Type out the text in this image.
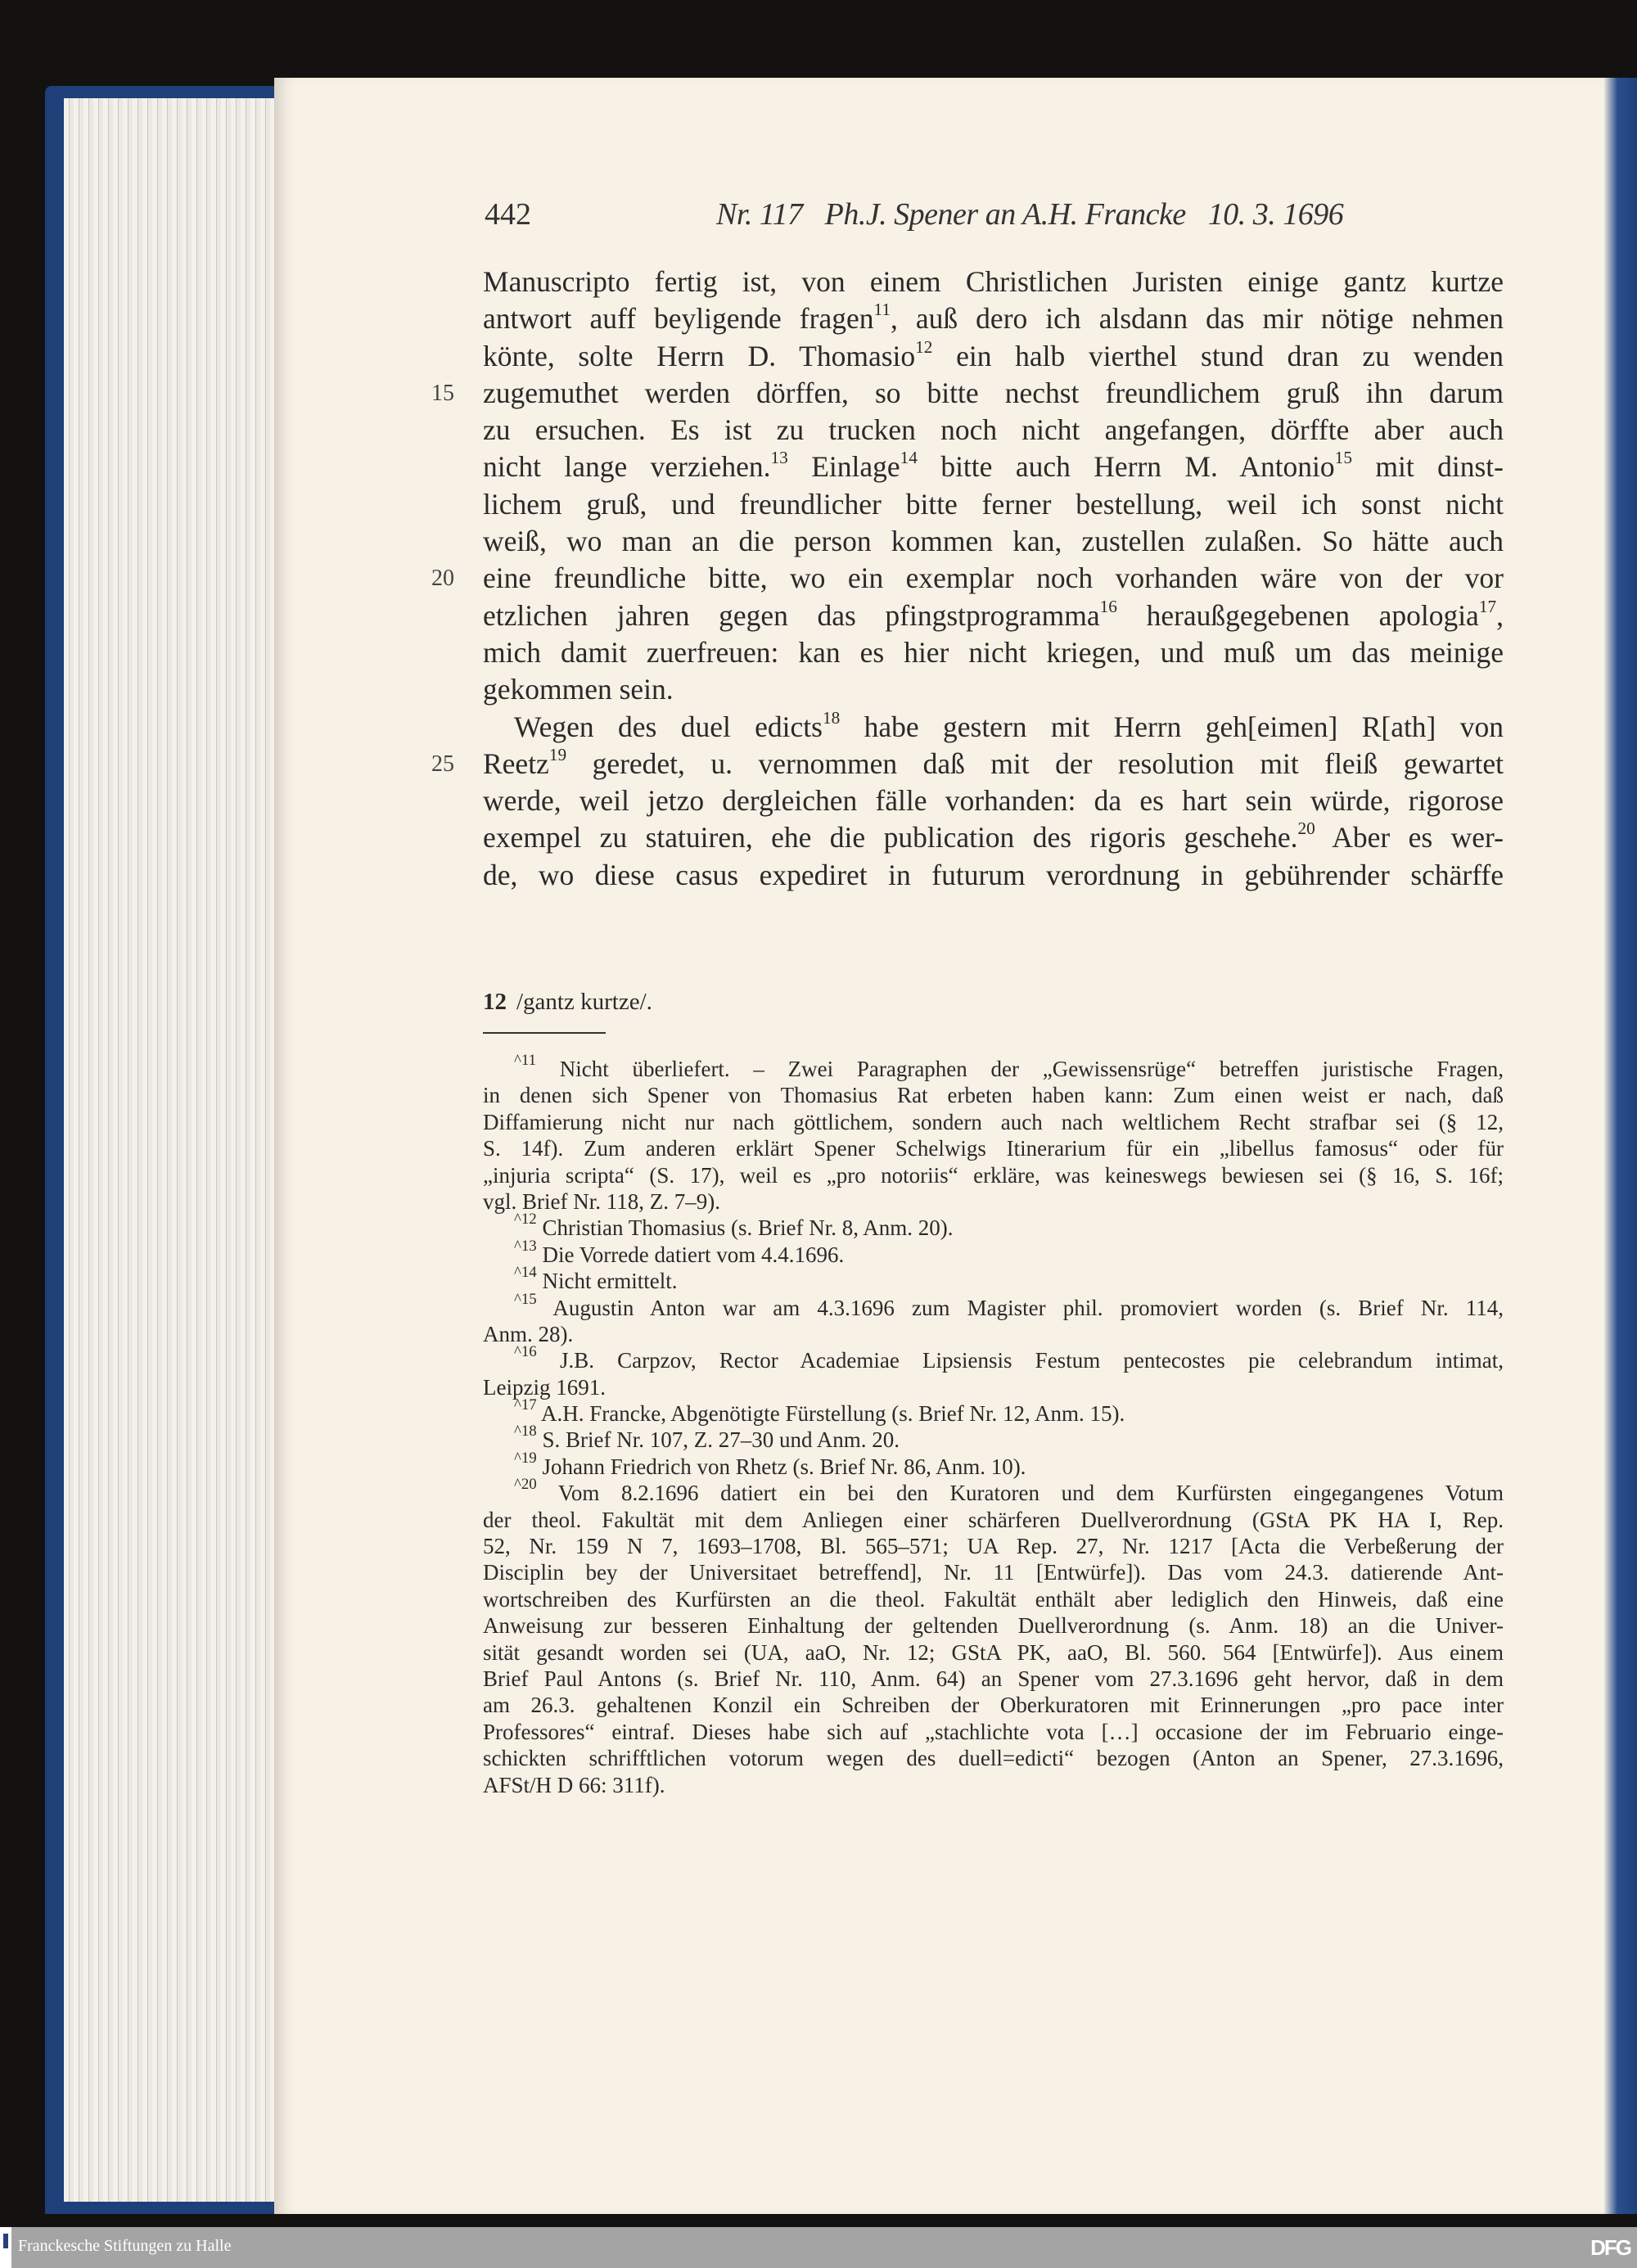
442	Nr. 117   Ph.J. Spener an A.H. Francke   10. 3. 1696
Manuscripto fertig ist, von einem Christlichen Juristen einige gantz kurtze
antwort auff beyligende fragen$^{11}$, auß dero ich alsdann das mir nötige nehmen
könte, solte Herrn D. Thomasio$^{12}$ ein halb vierthel stund dran zu wenden
15 zugemuthet werden dörffen, so bitte nechst freundlichem gruß ihn darum
zu ersuchen. Es ist zu trucken noch nicht angefangen, dörffte aber auch
nicht lange verziehen.$^{13}$ Einlage$^{14}$ bitte auch Herrn M. Antonio$^{15}$ mit dinst-
lichem gruß, und freundlicher bitte ferner bestellung, weil ich sonst nicht
weiß, wo man an die person kommen kan, zustellen zulaßen. So hätte auch
20 eine freundliche bitte, wo ein exemplar noch vorhanden wäre von der vor
etzlichen jahren gegen das pfingstprogramma$^{16}$ heraußgegebenen apologia$^{17}$,
mich damit zuerfreuen: kan es hier nicht kriegen, und muß um das meinige
gekommen sein.
Wegen des duel edicts$^{18}$ habe gestern mit Herrn geh[eimen] R[ath] von
25 Reetz$^{19}$ geredet, u. vernommen daß mit der resolution mit fleiß gewartet
werde, weil jetzo dergleichen fälle vorhanden: da es hart sein würde, rigorose
exempel zu statuiren, ehe die publication des rigoris geschehe.$^{20}$ Aber es wer-
de, wo diese casus expediret in futurum verordnung in gebührender schärffe
12 /gantz kurtze/.
$^{\^{}11}$ Nicht überliefert. – Zwei Paragraphen der „Gewissensrüge“ betreffen juristische Fragen,
in denen sich Spener von Thomasius Rat erbeten haben kann: Zum einen weist er nach, daß
Diffamierung nicht nur nach göttlichem, sondern auch nach weltlichem Recht strafbar sei (§ 12,
S. 14f). Zum anderen erklärt Spener Schelwigs Itinerarium für ein „libellus famosus“ oder für
„injuria scripta“ (S. 17), weil es „pro notoriis“ erkläre, was keineswegs bewiesen sei (§ 16, S. 16f;
vgl. Brief Nr. 118, Z. 7–9).
$^{\^{}12}$ Christian Thomasius (s. Brief Nr. 8, Anm. 20).
$^{\^{}13}$ Die Vorrede datiert vom 4.4.1696.
$^{\^{}14}$ Nicht ermittelt.
$^{\^{}15}$ Augustin Anton war am 4.3.1696 zum Magister phil. promoviert worden (s. Brief Nr. 114,
Anm. 28).
$^{\^{}16}$ J.B. Carpzov, Rector Academiae Lipsiensis Festum pentecostes pie celebrandum intimat,
Leipzig 1691.
$^{\^{}17}$ A.H. Francke, Abgenötigte Fürstellung (s. Brief Nr. 12, Anm. 15).
$^{\^{}18}$ S. Brief Nr. 107, Z. 27–30 und Anm. 20.
$^{\^{}19}$ Johann Friedrich von Rhetz (s. Brief Nr. 86, Anm. 10).
$^{\^{}20}$ Vom 8.2.1696 datiert ein bei den Kuratoren und dem Kurfürsten eingegangenes Votum
der theol. Fakultät mit dem Anliegen einer schärferen Duellverordnung (GStA PK HA I, Rep.
52, Nr. 159 N 7, 1693–1708, Bl. 565–571; UA Rep. 27, Nr. 1217 [Acta die Verbeßerung der
Disciplin bey der Universitaet betreffend], Nr. 11 [Entwürfe]). Das vom 24.3. datierende Ant-
wortschreiben des Kurfürsten an die theol. Fakultät enthält aber lediglich den Hinweis, daß eine
Anweisung zur besseren Einhaltung der geltenden Duellverordnung (s. Anm. 18) an die Univer-
sität gesandt worden sei (UA, aaO, Nr. 12; GStA PK, aaO, Bl. 560. 564 [Entwürfe]). Aus einem
Brief Paul Antons (s. Brief Nr. 110, Anm. 64) an Spener vom 27.3.1696 geht hervor, daß in dem
am 26.3. gehaltenen Konzil ein Schreiben der Oberkuratoren mit Erinnerungen „pro pace inter
Professores“ eintraf. Dieses habe sich auf „stachlichte vota […] occasione der im Februario einge-
schickten schrifftlichen votorum wegen des duell=edicti“ bezogen (Anton an Spener, 27.3.1696,
AFSt/H D 66: 311f).
Franckesche Stiftungen zu Halle	DFG
